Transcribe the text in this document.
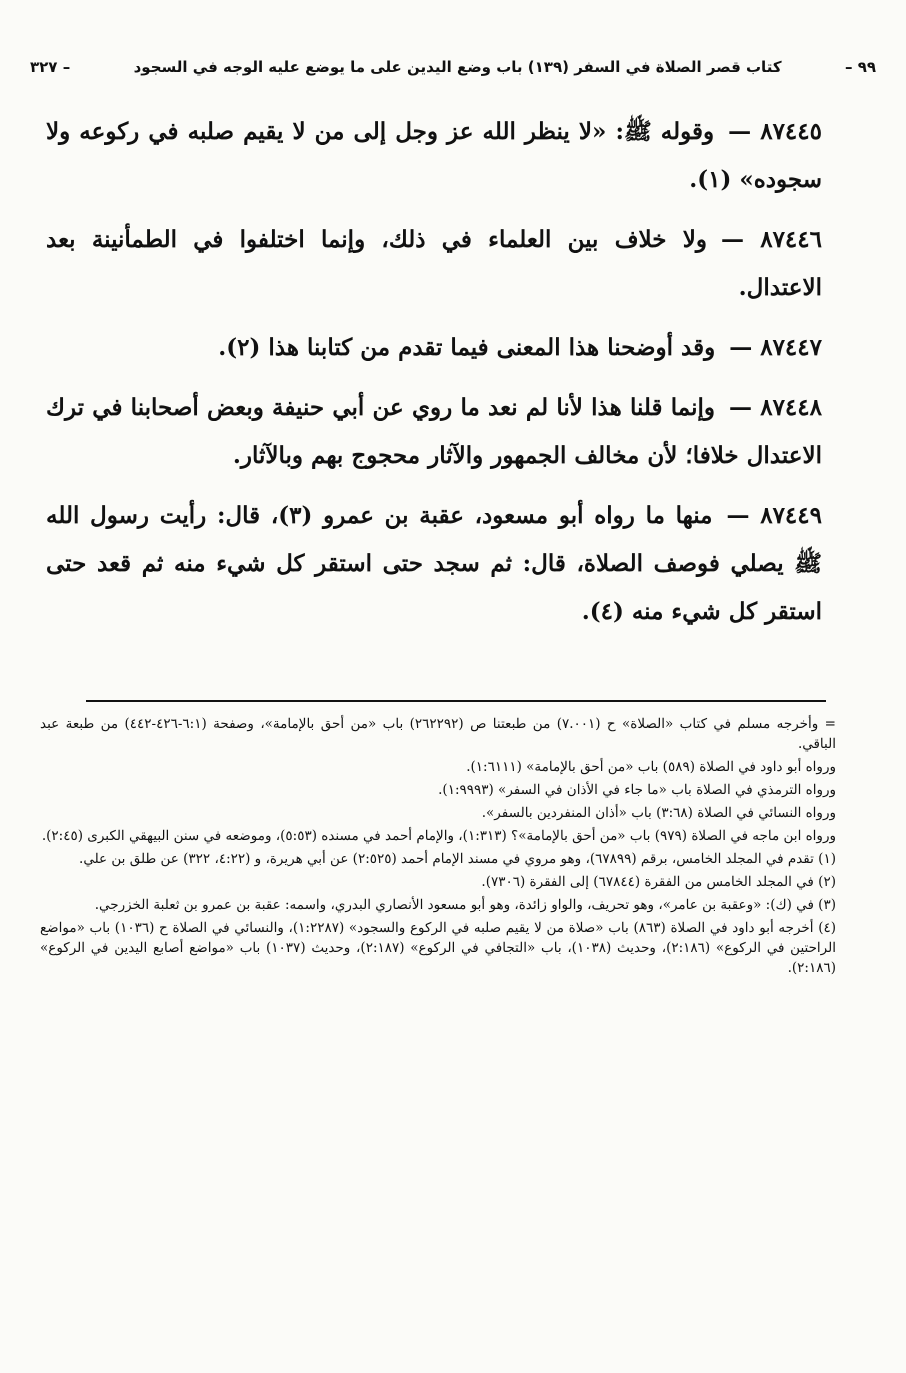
٩٩ –
كتاب قصر الصلاة في السفر (١٣٩) باب وضع اليدين على ما يوضع عليه الوجه في السجود
– ٣٢٧

٨٧٤٤٥ —وقوله ﷺ: «لا ينظر الله عز وجل إلى من لا يقيم صلبه في ركوعه ولا سجوده» (١).

٨٧٤٤٦ —ولا خلاف بين العلماء في ذلك، وإنما اختلفوا في الطمأنينة بعد الاعتدال.

٨٧٤٤٧ —وقد أوضحنا هذا المعنى فيما تقدم من كتابنا هذا (٢).

٨٧٤٤٨ —وإنما قلنا هذا لأنا لم نعد ما روي عن أبي حنيفة وبعض أصحابنا في ترك الاعتدال خلافا؛ لأن مخالف الجمهور والآثار محجوج بهم وبالآثار.

٨٧٤٤٩ —منها ما رواه أبو مسعود، عقبة بن عمرو (٣)، قال: رأيت رسول الله ﷺ يصلي فوصف الصلاة، قال: ثم سجد حتى استقر كل شيء منه ثم قعد حتى استقر كل شيء منه (٤).

= وأخرجه مسلم في كتاب «الصلاة» ح (٧.٠٠١) من طبعتنا ص (٢٦٢٢٩٢) باب «من أحق بالإمامة»، وصفحة (٦:١-٤٢٦-٤٤٢) من طبعة عبد الباقي.

ورواه أبو داود في الصلاة (٥٨٩) باب «من أحق بالإمامة» (١:٦١١١).

ورواه الترمذي في الصلاة باب «ما جاء في الأذان في السفر» (١:٩٩٩٣).

ورواه النسائي في الصلاة (٣:٦٨) باب «أذان المنفردين بالسفر».

ورواه ابن ماجه في الصلاة (٩٧٩) باب «من أحق بالإمامة»؟ (١:٣١٣)، والإمام أحمد في مسنده (٥:٥٣)، وموضعه في سنن البيهقي الكبرى (٢:٤٥).

(١) تقدم في المجلد الخامس، برقم (٦٧٨٩٩)، وهو مروي في مسند الإمام أحمد (٢:٥٢٥) عن أبي هريرة، و (٤:٢٢، ٣٢٢) عن طلق بن علي.

(٢) في المجلد الخامس من الفقرة (٦٧٨٤٤) إلى الفقرة (٧٣٠٦).

(٣) في (ك): «وعقبة بن عامر»، وهو تحريف، والواو زائدة، وهو أبو مسعود الأنصاري البدري، واسمه: عقبة بن عمرو بن ثعلبة الخزرجي.

(٤) أخرجه أبو داود في الصلاة (٨٦٣) باب «صلاة من لا يقيم صلبه في الركوع والسجود» (١:٢٢٨٧)، والنسائي في الصلاة ح (١٠٣٦) باب «مواضع الراحتين في الركوع» (٢:١٨٦)، وحديث (١٠٣٨)، باب «التجافي في الركوع» (٢:١٨٧)، وحديث (١٠٣٧) باب «مواضع أصابع اليدين في الركوع» (٢:١٨٦).
